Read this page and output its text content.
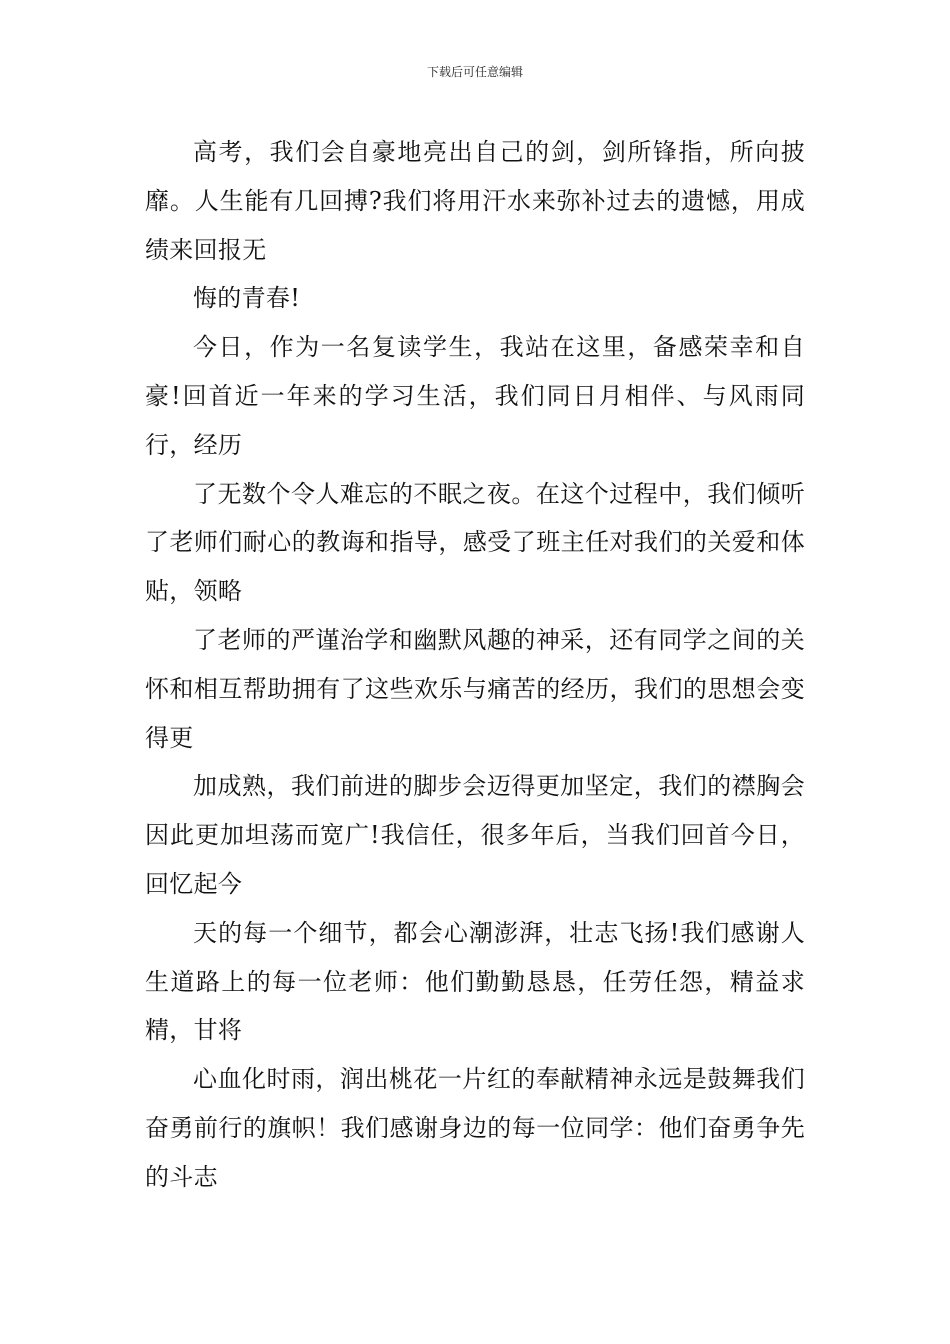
下载后可任意编辑

高考，我们会自豪地亮出自己的剑，剑所锋指，所向披靡。人生能有几回搏?我们将用汗水来弥补过去的遗憾，用成绩来回报无

悔的青春!

今日，作为一名复读学生，我站在这里，备感荣幸和自豪!回首近一年来的学习生活，我们同日月相伴、与风雨同行，经历

了无数个令人难忘的不眠之夜。在这个过程中，我们倾听了老师们耐心的教诲和指导，感受了班主任对我们的关爱和体贴，领略

了老师的严谨治学和幽默风趣的神采，还有同学之间的关怀和相互帮助拥有了这些欢乐与痛苦的经历，我们的思想会变得更

加成熟，我们前进的脚步会迈得更加坚定，我们的襟胸会因此更加坦荡而宽广!我信任，很多年后，当我们回首今日，回忆起今

天的每一个细节，都会心潮澎湃，壮志飞扬!我们感谢人生道路上的每一位老师：他们勤勤恳恳，任劳任怨，精益求精，甘将

心血化时雨，润出桃花一片红的奉献精神永远是鼓舞我们奋勇前行的旗帜！我们感谢身边的每一位同学：他们奋勇争先的斗志
